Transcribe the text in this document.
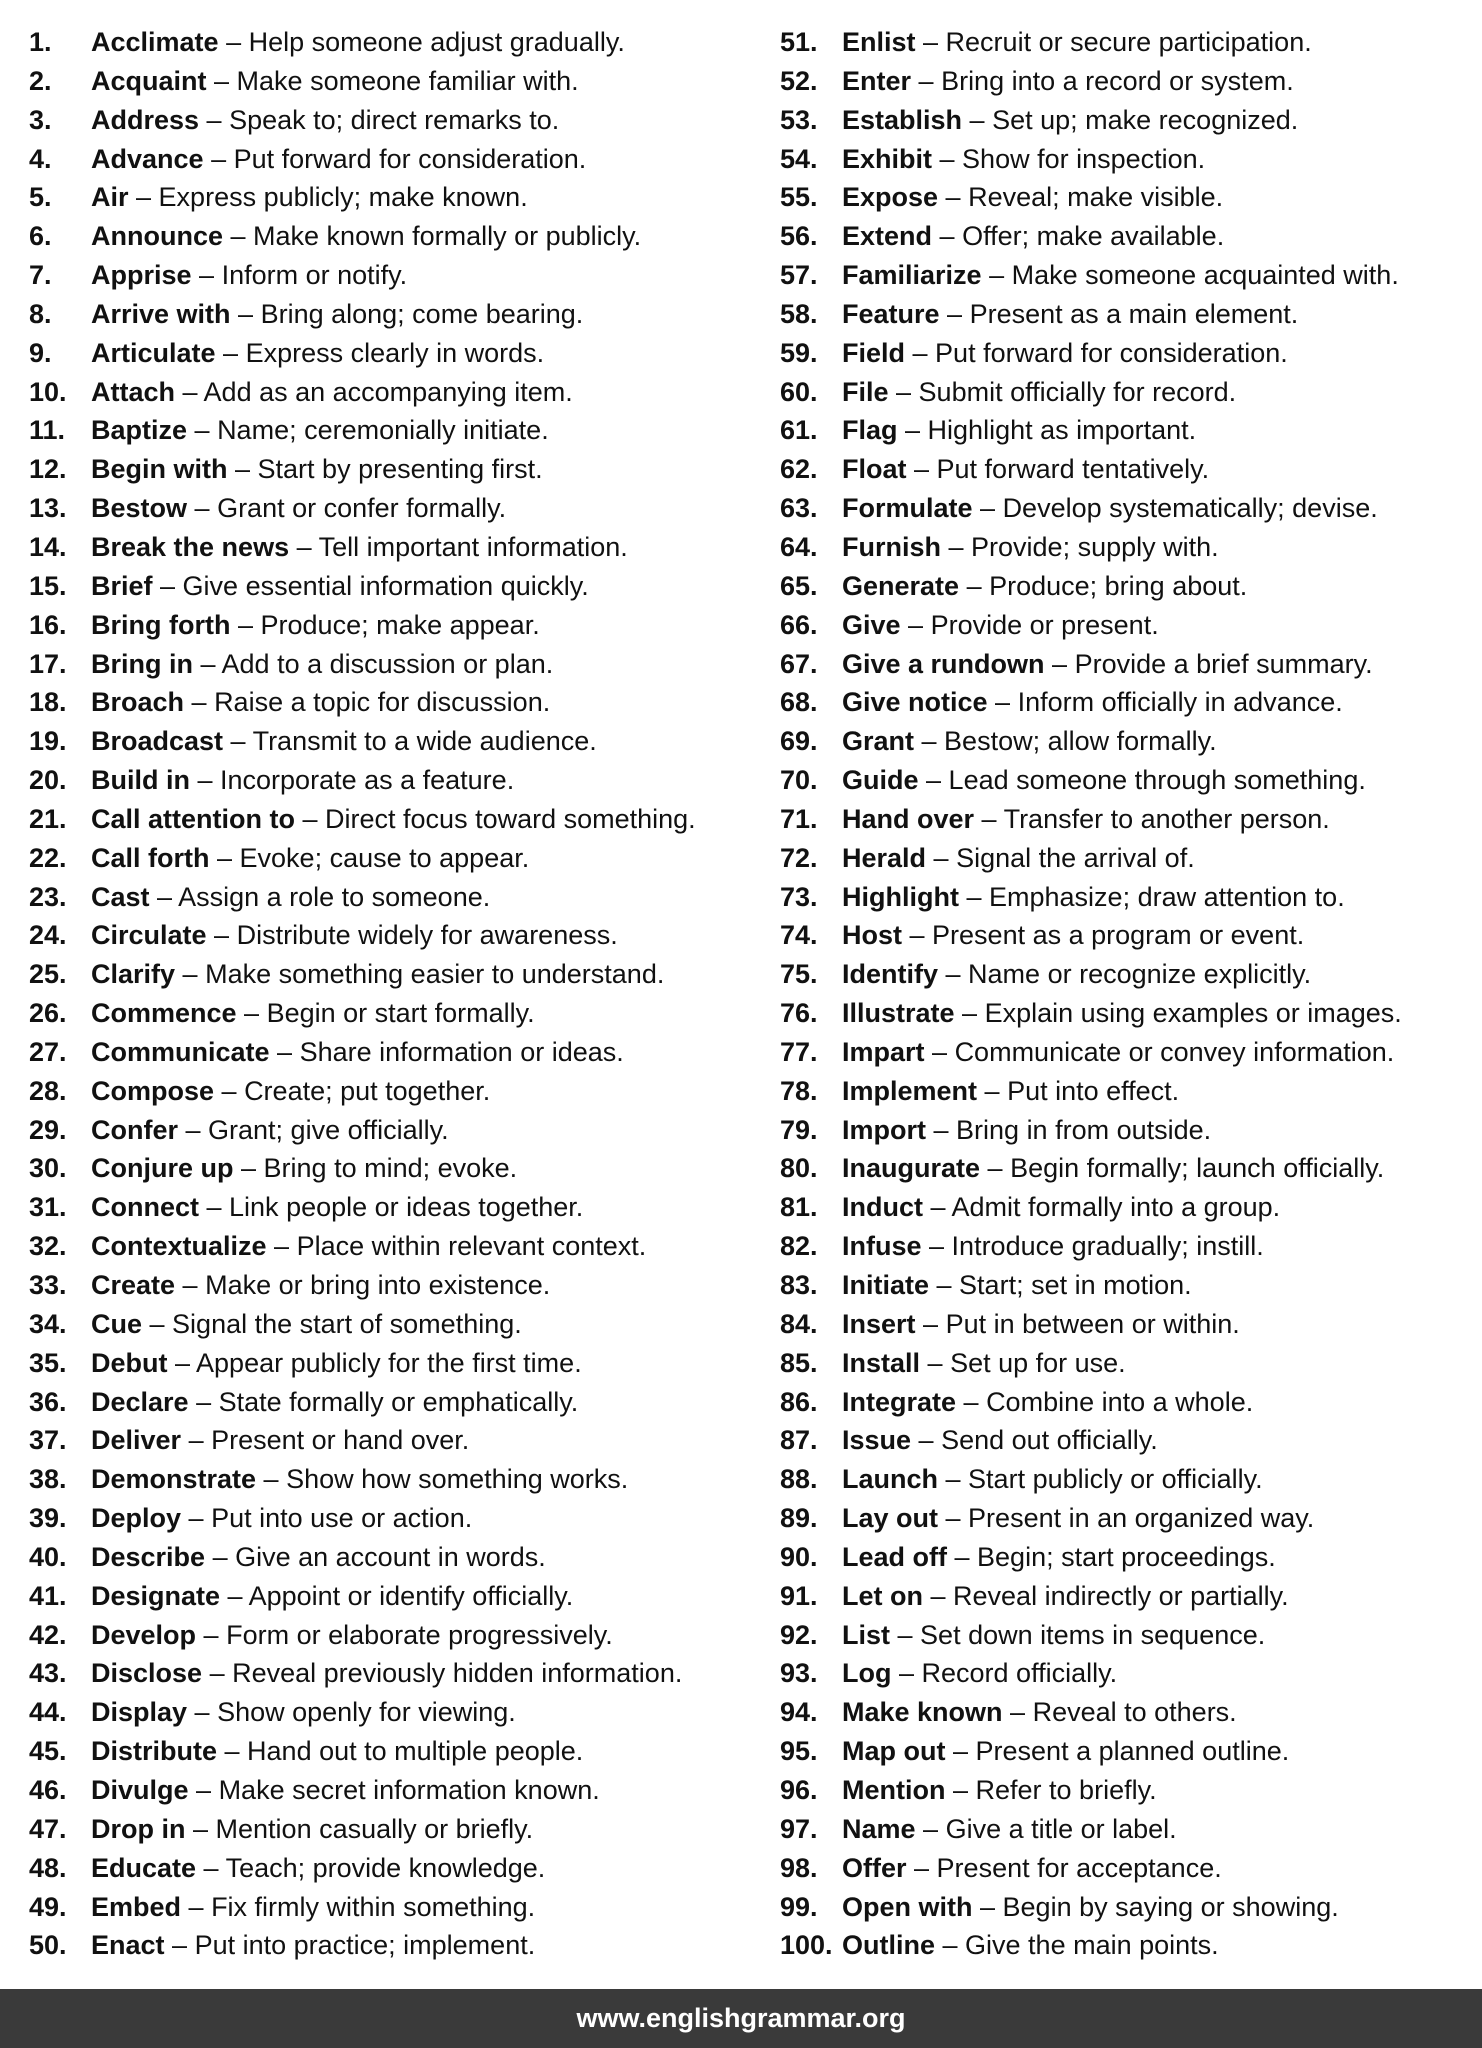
1. Acclimate – Help someone adjust gradually.
2. Acquaint – Make someone familiar with.
3. Address – Speak to; direct remarks to.
4. Advance – Put forward for consideration.
5. Air – Express publicly; make known.
6. Announce – Make known formally or publicly.
7. Apprise – Inform or notify.
8. Arrive with – Bring along; come bearing.
9. Articulate – Express clearly in words.
10. Attach – Add as an accompanying item.
11. Baptize – Name; ceremonially initiate.
12. Begin with – Start by presenting first.
13. Bestow – Grant or confer formally.
14. Break the news – Tell important information.
15. Brief – Give essential information quickly.
16. Bring forth – Produce; make appear.
17. Bring in – Add to a discussion or plan.
18. Broach – Raise a topic for discussion.
19. Broadcast – Transmit to a wide audience.
20. Build in – Incorporate as a feature.
21. Call attention to – Direct focus toward something.
22. Call forth – Evoke; cause to appear.
23. Cast – Assign a role to someone.
24. Circulate – Distribute widely for awareness.
25. Clarify – Make something easier to understand.
26. Commence – Begin or start formally.
27. Communicate – Share information or ideas.
28. Compose – Create; put together.
29. Confer – Grant; give officially.
30. Conjure up – Bring to mind; evoke.
31. Connect – Link people or ideas together.
32. Contextualize – Place within relevant context.
33. Create – Make or bring into existence.
34. Cue – Signal the start of something.
35. Debut – Appear publicly for the first time.
36. Declare – State formally or emphatically.
37. Deliver – Present or hand over.
38. Demonstrate – Show how something works.
39. Deploy – Put into use or action.
40. Describe – Give an account in words.
41. Designate – Appoint or identify officially.
42. Develop – Form or elaborate progressively.
43. Disclose – Reveal previously hidden information.
44. Display – Show openly for viewing.
45. Distribute – Hand out to multiple people.
46. Divulge – Make secret information known.
47. Drop in – Mention casually or briefly.
48. Educate – Teach; provide knowledge.
49. Embed – Fix firmly within something.
50. Enact – Put into practice; implement.
51. Enlist – Recruit or secure participation.
52. Enter – Bring into a record or system.
53. Establish – Set up; make recognized.
54. Exhibit – Show for inspection.
55. Expose – Reveal; make visible.
56. Extend – Offer; make available.
57. Familiarize – Make someone acquainted with.
58. Feature – Present as a main element.
59. Field – Put forward for consideration.
60. File – Submit officially for record.
61. Flag – Highlight as important.
62. Float – Put forward tentatively.
63. Formulate – Develop systematically; devise.
64. Furnish – Provide; supply with.
65. Generate – Produce; bring about.
66. Give – Provide or present.
67. Give a rundown – Provide a brief summary.
68. Give notice – Inform officially in advance.
69. Grant – Bestow; allow formally.
70. Guide – Lead someone through something.
71. Hand over – Transfer to another person.
72. Herald – Signal the arrival of.
73. Highlight – Emphasize; draw attention to.
74. Host – Present as a program or event.
75. Identify – Name or recognize explicitly.
76. Illustrate – Explain using examples or images.
77. Impart – Communicate or convey information.
78. Implement – Put into effect.
79. Import – Bring in from outside.
80. Inaugurate – Begin formally; launch officially.
81. Induct – Admit formally into a group.
82. Infuse – Introduce gradually; instill.
83. Initiate – Start; set in motion.
84. Insert – Put in between or within.
85. Install – Set up for use.
86. Integrate – Combine into a whole.
87. Issue – Send out officially.
88. Launch – Start publicly or officially.
89. Lay out – Present in an organized way.
90. Lead off – Begin; start proceedings.
91. Let on – Reveal indirectly or partially.
92. List – Set down items in sequence.
93. Log – Record officially.
94. Make known – Reveal to others.
95. Map out – Present a planned outline.
96. Mention – Refer to briefly.
97. Name – Give a title or label.
98. Offer – Present for acceptance.
99. Open with – Begin by saying or showing.
100. Outline – Give the main points.
www.englishgrammar.org
